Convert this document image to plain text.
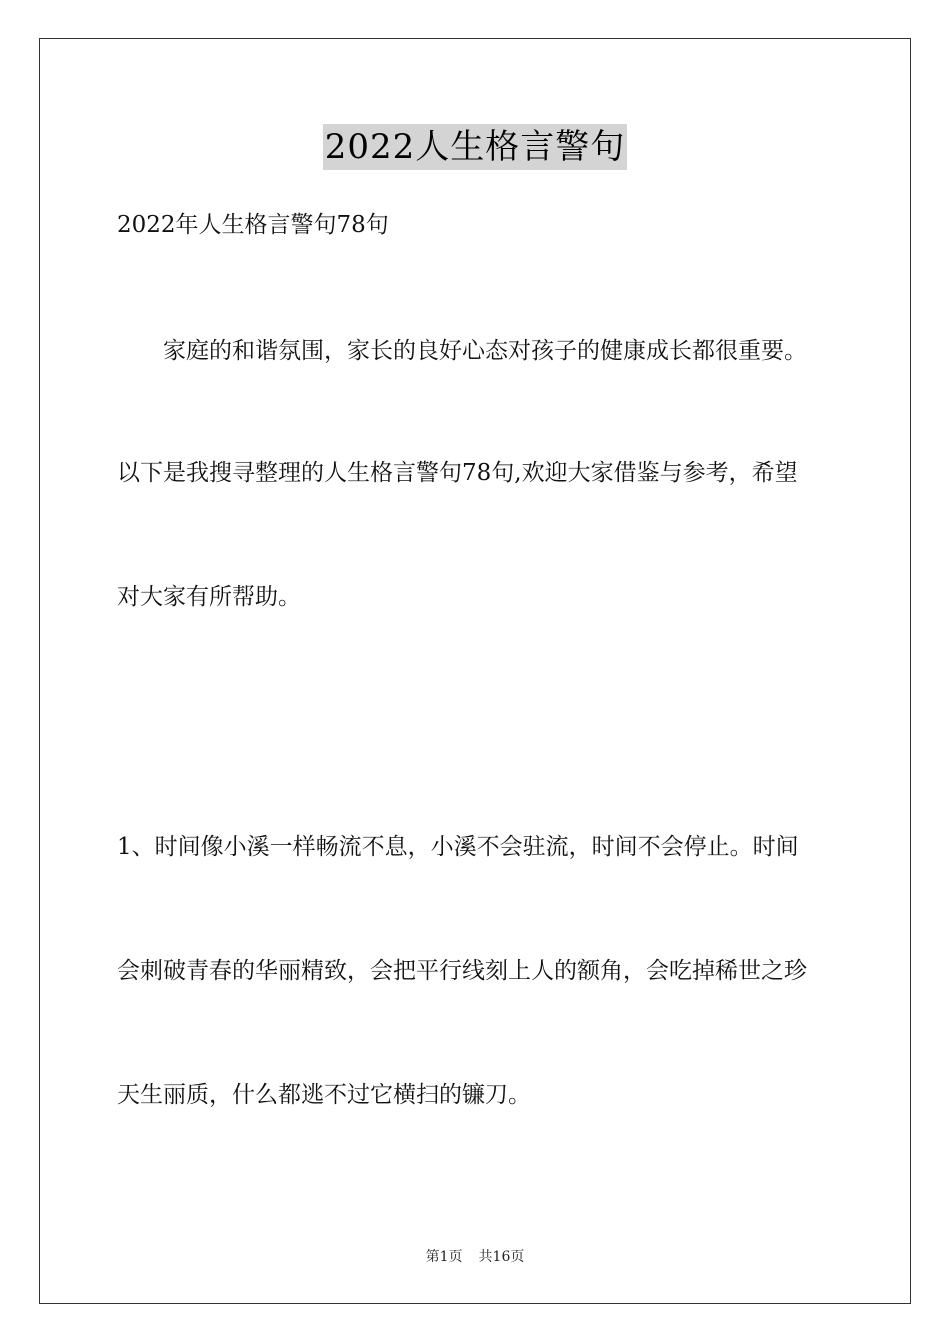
2022人生格言警句
2022年人生格言警句78句
　　家庭的和谐氛围，家长的良好心态对孩子的健康成长都很重要。
以下是我搜寻整理的人生格言警句78句,欢迎大家借鉴与参考，希望
对大家有所帮助。
1、时间像小溪一样畅流不息，小溪不会驻流，时间不会停止。时间
会刺破青春的华丽精致，会把平行线刻上人的额角，会吃掉稀世之珍
天生丽质，什么都逃不过它横扫的镰刀。
第1页 共16页
